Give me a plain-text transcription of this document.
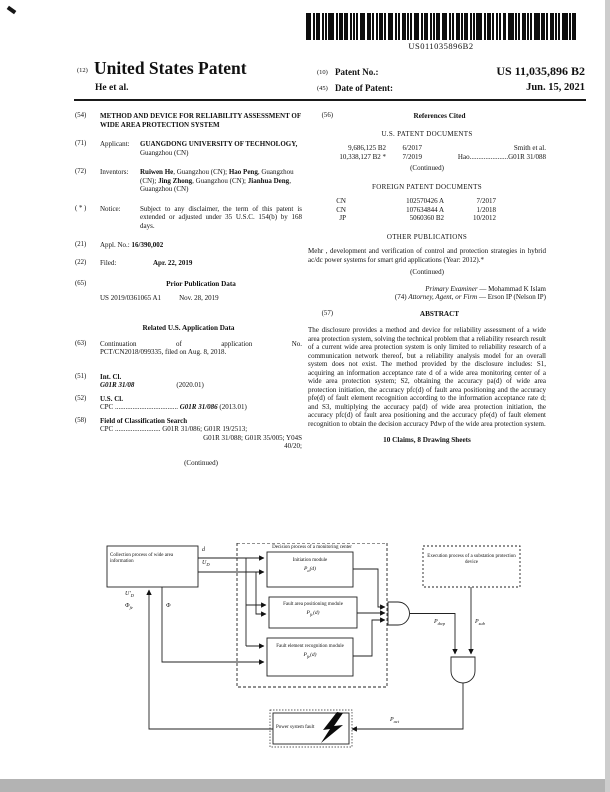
US011035896B2
(12) United States Patent
He et al.
(10) Patent No.:	US 11,035,896 B2
(45) Date of Patent:	Jun. 15, 2021
(54)	METHOD AND DEVICE FOR RELIABILITY ASSESSMENT OF WIDE AREA PROTECTION SYSTEM
(71)	Applicant:	GUANGDONG UNIVERSITY OF TECHNOLOGY, Guangzhou (CN)
(72)	Inventors:	Ruiwen He, Guangzhou (CN); Hao Peng, Guangzhou (CN); Jing Zhong, Guangzhou (CN); Jianhua Deng, Guangzhou (CN)
( * )	Notice:	Subject to any disclaimer, the term of this patent is extended or adjusted under 35 U.S.C. 154(b) by 168 days.
(21)	Appl. No.: 16/390,002
(22)	Filed:	Apr. 22, 2019
(65)	Prior Publication Data
US 2019/0361065 A1	Nov. 28, 2019
Related U.S. Application Data
(63)	Continuation of application No.
PCT/CN2018/099335, filed on Aug. 8, 2018.
(51)	Int. Cl.
G01R 31/08	(2020.01)
(52)	U.S. Cl.
CPC .................................... G01R 31/086 (2013.01)
(58)	Field of Classification Search
CPC .......................... G01R 31/086; G01R 19/2513;
G01R 31/088; G01R 35/005; Y04S
40/20;
(Continued)
(56)	References Cited
U.S. PATENT DOCUMENTS
9,686,125 B2	6/2017	Smith et al.
10,338,127 B2 *	7/2019	Hao......................G01R 31/088
(Continued)
FOREIGN PATENT DOCUMENTS
CN	102570426 A	7/2017
CN	107634844 A	1/2018
JP	5060360 B2	10/2012
OTHER PUBLICATIONS
Mehr , development and verification of control and protection strategies in hybrid ac/dc power systems for smart grid applications (Year: 2012).*
(Continued)
Primary Examiner — Mohammad K Islam
(74) Attorney, Agent, or Firm — Erson IP (Nelson IP)
(57)	ABSTRACT
The disclosure provides a method and device for reliability assessment of a wide area protection system, solving the technical problem that a reliability research result of a current wide area protection system is only limited to reliability research of a communication network thereof, but a reliability analysis model for an overall system does not exist. The method provided by the disclosure includes: S1, acquiring an information acceptance rate d of a wide area monitoring center of a wide area protection system; S2, obtaining the accuracy pa(d) of wide area protection initiation, the accuracy pfc(d) of fault area positioning and the accuracy pfe(d) of fault element recognition according to the information acceptance rate d; and S3, multiplying the accuracy pa(d) of wide area protection initiation, the accuracy pfc(d) of fault area positioning and the accuracy pfe(d) of fault element recognition to obtain the decision accuracy Pdwp of the wide area protection system.
10 Claims, 8 Drawing Sheets
Collection process of wide area information
Decision process of a monitoring center
Initiation module
$P_a(d)$
Fault area positioning module
$P_{fc}(d)$
Fault element recognition module
$P_{fe}(d)$
Execution process of a substation protection device
Power system fault
d
$U_D$
$U'_D$
$\Phi_{fe}$	Φ
$P_{dwp}$	$P_{sub}$
$P_{act}$
